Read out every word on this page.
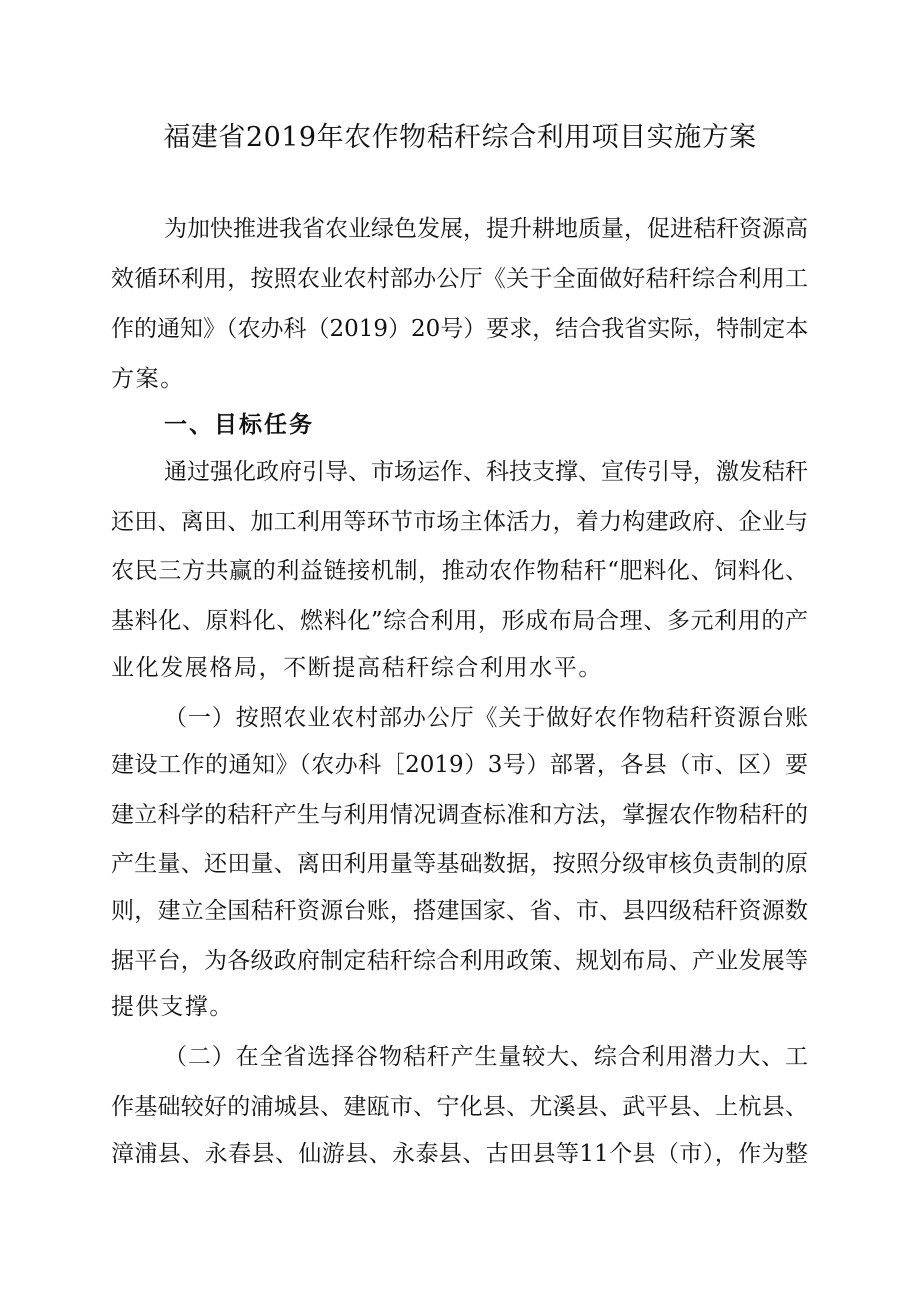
福建省2019年农作物秸秆综合利用项目实施方案
为加快推进我省农业绿色发展，提升耕地质量，促进秸秆资源高
效循环利用，按照农业农村部办公厅《关于全面做好秸秆综合利用工
作的通知》（农办科（2019）20号）要求，结合我省实际，特制定本
方案。
一、目标任务
通过强化政府引导、市场运作、科技支撑、宣传引导，激发秸秆
还田、离田、加工利用等环节市场主体活力，着力构建政府、企业与
农民三方共赢的利益链接机制，推动农作物秸秆“肥料化、饲料化、
基料化、原料化、燃料化”综合利用，形成布局合理、多元利用的产
业化发展格局，不断提高秸秆综合利用水平。
（一）按照农业农村部办公厅《关于做好农作物秸秆资源台账
建设工作的通知》（农办科［2019）3号）部署，各县（市、区）要
建立科学的秸秆产生与利用情况调查标准和方法，掌握农作物秸秆的
产生量、还田量、离田利用量等基础数据，按照分级审核负责制的原
则，建立全国秸秆资源台账，搭建国家、省、市、县四级秸秆资源数
据平台，为各级政府制定秸秆综合利用政策、规划布局、产业发展等
提供支撑。
（二）在全省选择谷物秸秆产生量较大、综合利用潜力大、工
作基础较好的浦城县、建瓯市、宁化县、尤溪县、武平县、上杭县、
漳浦县、永春县、仙游县、永泰县、古田县等11个县（市），作为整
